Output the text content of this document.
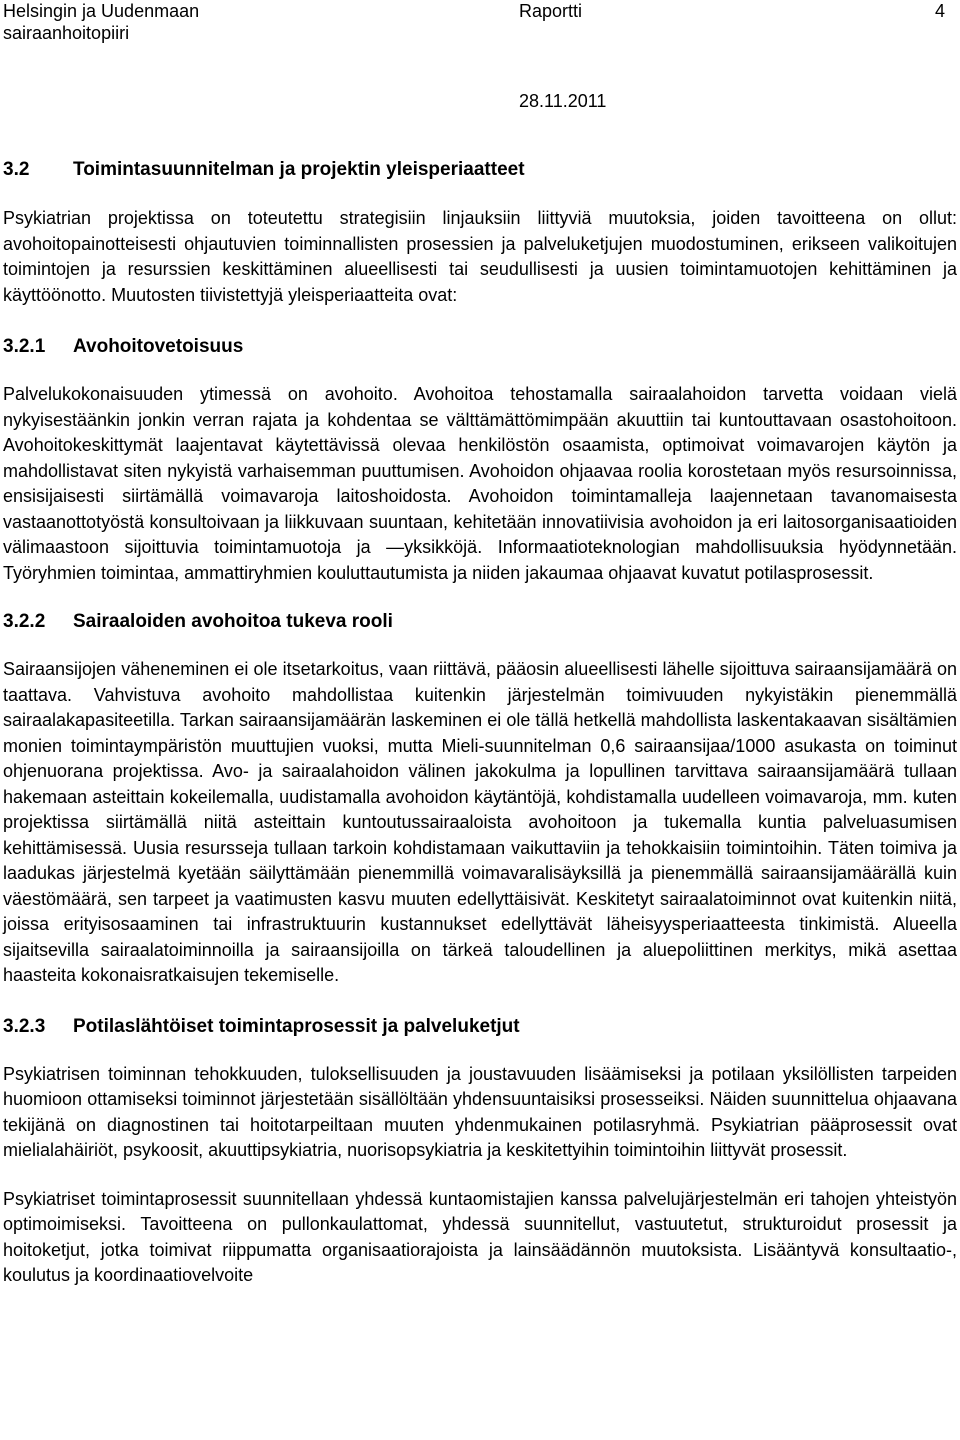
Helsingin ja Uudenmaan sairaanhoitopiiri
Raportti	4
28.11.2011
3.2	Toimintasuunnitelman ja projektin yleisperiaatteet

Psykiatrian projektissa on toteutettu strategisiin linjauksiin liittyviä muutoksia, joiden tavoitteena on ollut: avohoitopainotteisesti ohjautuvien toiminnallisten prosessien ja palveluketjujen muodostuminen, erikseen valikoitujen toimintojen ja resurssien keskittäminen alueellisesti tai seudullisesti ja uusien toimintamuotojen kehittäminen ja käyttöönotto. Muutosten tiivistettyjä yleisperiaatteita ovat:

3.2.1	Avohoitovetoisuus

Palvelukokonaisuuden ytimessä on avohoito. Avohoitoa tehostamalla sairaalahoidon tarvetta voidaan vielä nykyisestäänkin jonkin verran rajata ja kohdentaa se välttämättömimpään akuuttiin tai kuntouttavaan osastohoitoon. Avohoitokeskittymät laajentavat käytettävissä olevaa henkilöstön osaamista, optimoivat voimavarojen käytön ja mahdollistavat siten nykyistä varhaisemman puuttumisen. Avohoidon ohjaavaa roolia korostetaan myös resursoinnissa, ensisijaisesti siirtämällä voimavaroja laitoshoidosta. Avohoidon toimintamalleja laajennetaan tavanomaisesta vastaanottotyöstä konsultoivaan ja liikkuvaan suuntaan, kehitetään innovatiivisia avohoidon ja eri laitosorganisaatioiden välimaastoon sijoittuvia toimintamuotoja ja —yksikköjä. Informaatioteknologian mahdollisuuksia hyödynnetään. Työryhmien toimintaa, ammattiryhmien kouluttautumista ja niiden jakaumaa ohjaavat kuvatut potilasprosessit.

3.2.2	Sairaaloiden avohoitoa tukeva rooli

Sairaansijojen väheneminen ei ole itsetarkoitus, vaan riittävä, pääosin alueellisesti lähelle sijoittuva sairaansijamäärä on taattava. Vahvistuva avohoito mahdollistaa kuitenkin järjestelmän toimivuuden nykyistäkin pienemmällä sairaalakapasiteetilla. Tarkan sairaansijamäärän laskeminen ei ole tällä hetkellä mahdollista laskentakaavan sisältämien monien toimintaympäristön muuttujien vuoksi, mutta Mieli-suunnitelman 0,6 sairaansijaa/1000 asukasta on toiminut ohjenuorana projektissa. Avo- ja sairaalahoidon välinen jakokulma ja lopullinen tarvittava sairaansijamäärä tullaan hakemaan asteittain kokeilemalla, uudistamalla avohoidon käytäntöjä, kohdistamalla uudelleen voimavaroja, mm. kuten projektissa siirtämällä niitä asteittain kuntoutussairaaloista avohoitoon ja tukemalla kuntia palveluasumisen kehittämisessä. Uusia resursseja tullaan tarkoin kohdistamaan vaikuttaviin ja tehokkaisiin toimintoihin. Täten toimiva ja laadukas järjestelmä kyetään säilyttämään pienemmillä voimavaralisäyksillä ja pienemmällä sairaansijamäärällä kuin väestömäärä, sen tarpeet ja vaatimusten kasvu muuten edellyttäisivät. Keskitetyt sairaalatoiminnot ovat kuitenkin niitä, joissa erityisosaaminen tai infrastruktuurin kustannukset edellyttävät läheisyysperiaatteesta tinkimistä. Alueella sijaitsevilla sairaalatoiminnoilla ja sairaansijoilla on tärkeä taloudellinen ja aluepoliittinen merkitys, mikä asettaa haasteita kokonaisratkaisujen tekemiselle.

3.2.3	Potilaslähtöiset toimintaprosessit ja palveluketjut

Psykiatrisen toiminnan tehokkuuden, tuloksellisuuden ja joustavuuden lisäämiseksi ja potilaan yksilöllisten tarpeiden huomioon ottamiseksi toiminnot järjestetään sisällöltään yhdensuuntaisiksi prosesseiksi. Näiden suunnittelua ohjaavana tekijänä on diagnostinen tai hoitotarpeiltaan muuten yhdenmukainen potilasryhmä. Psykiatrian pääprosessit ovat mielialahäiriöt, psykoosit, akuuttipsykiatria, nuorisopsykiatria ja keskitettyihin toimintoihin liittyvät prosessit.

Psykiatriset toimintaprosessit suunnitellaan yhdessä kuntaomistajien kanssa palvelujärjestelmän eri tahojen yhteistyön optimoimiseksi. Tavoitteena on pullonkaulattomat, yhdessä suunnitellut, vastuutetut, strukturoidut prosessit ja hoitoketjut, jotka toimivat riippumatta organisaatiorajoista ja lainsäädännön muutoksista. Lisääntyvä konsultaatio-, koulutus ja koordinaatiovelvoite
